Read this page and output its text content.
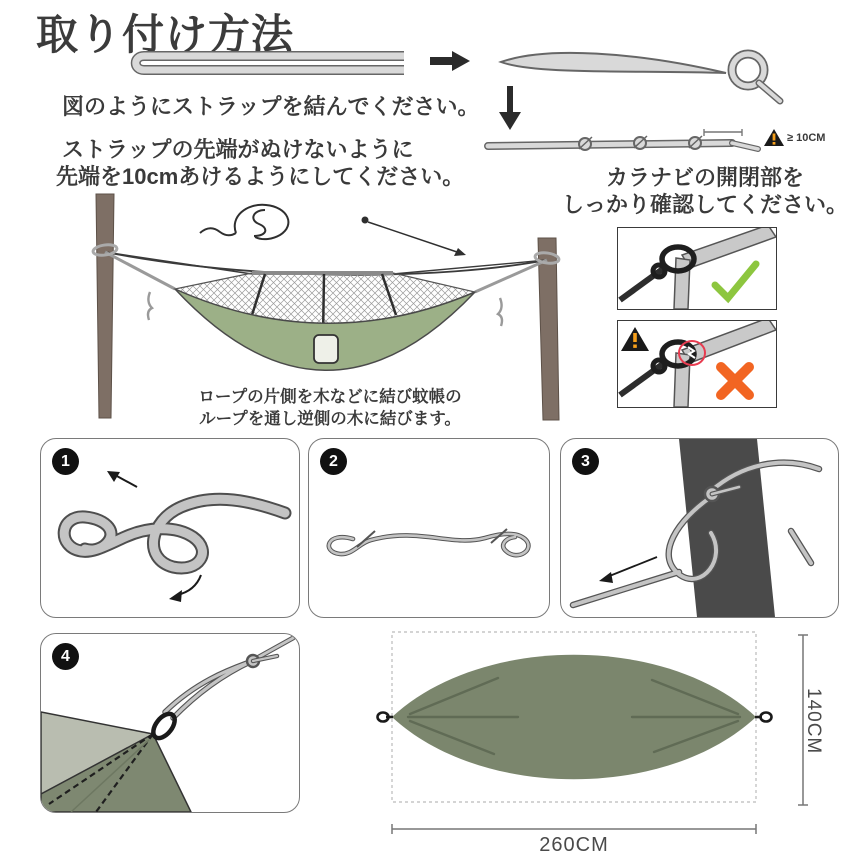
取り付け方法
図のようにストラップを結んでください。
≥ 10CM
ストラップの先端がぬけないように
先端を10cmあけるようにしてください。	カラナビの開閉部を
しっかり確認してください。
ロープの片側を木などに結び蚊帳の
ループを通し逆側の木に結びます。
1	2	3
4
260CM
140CM
